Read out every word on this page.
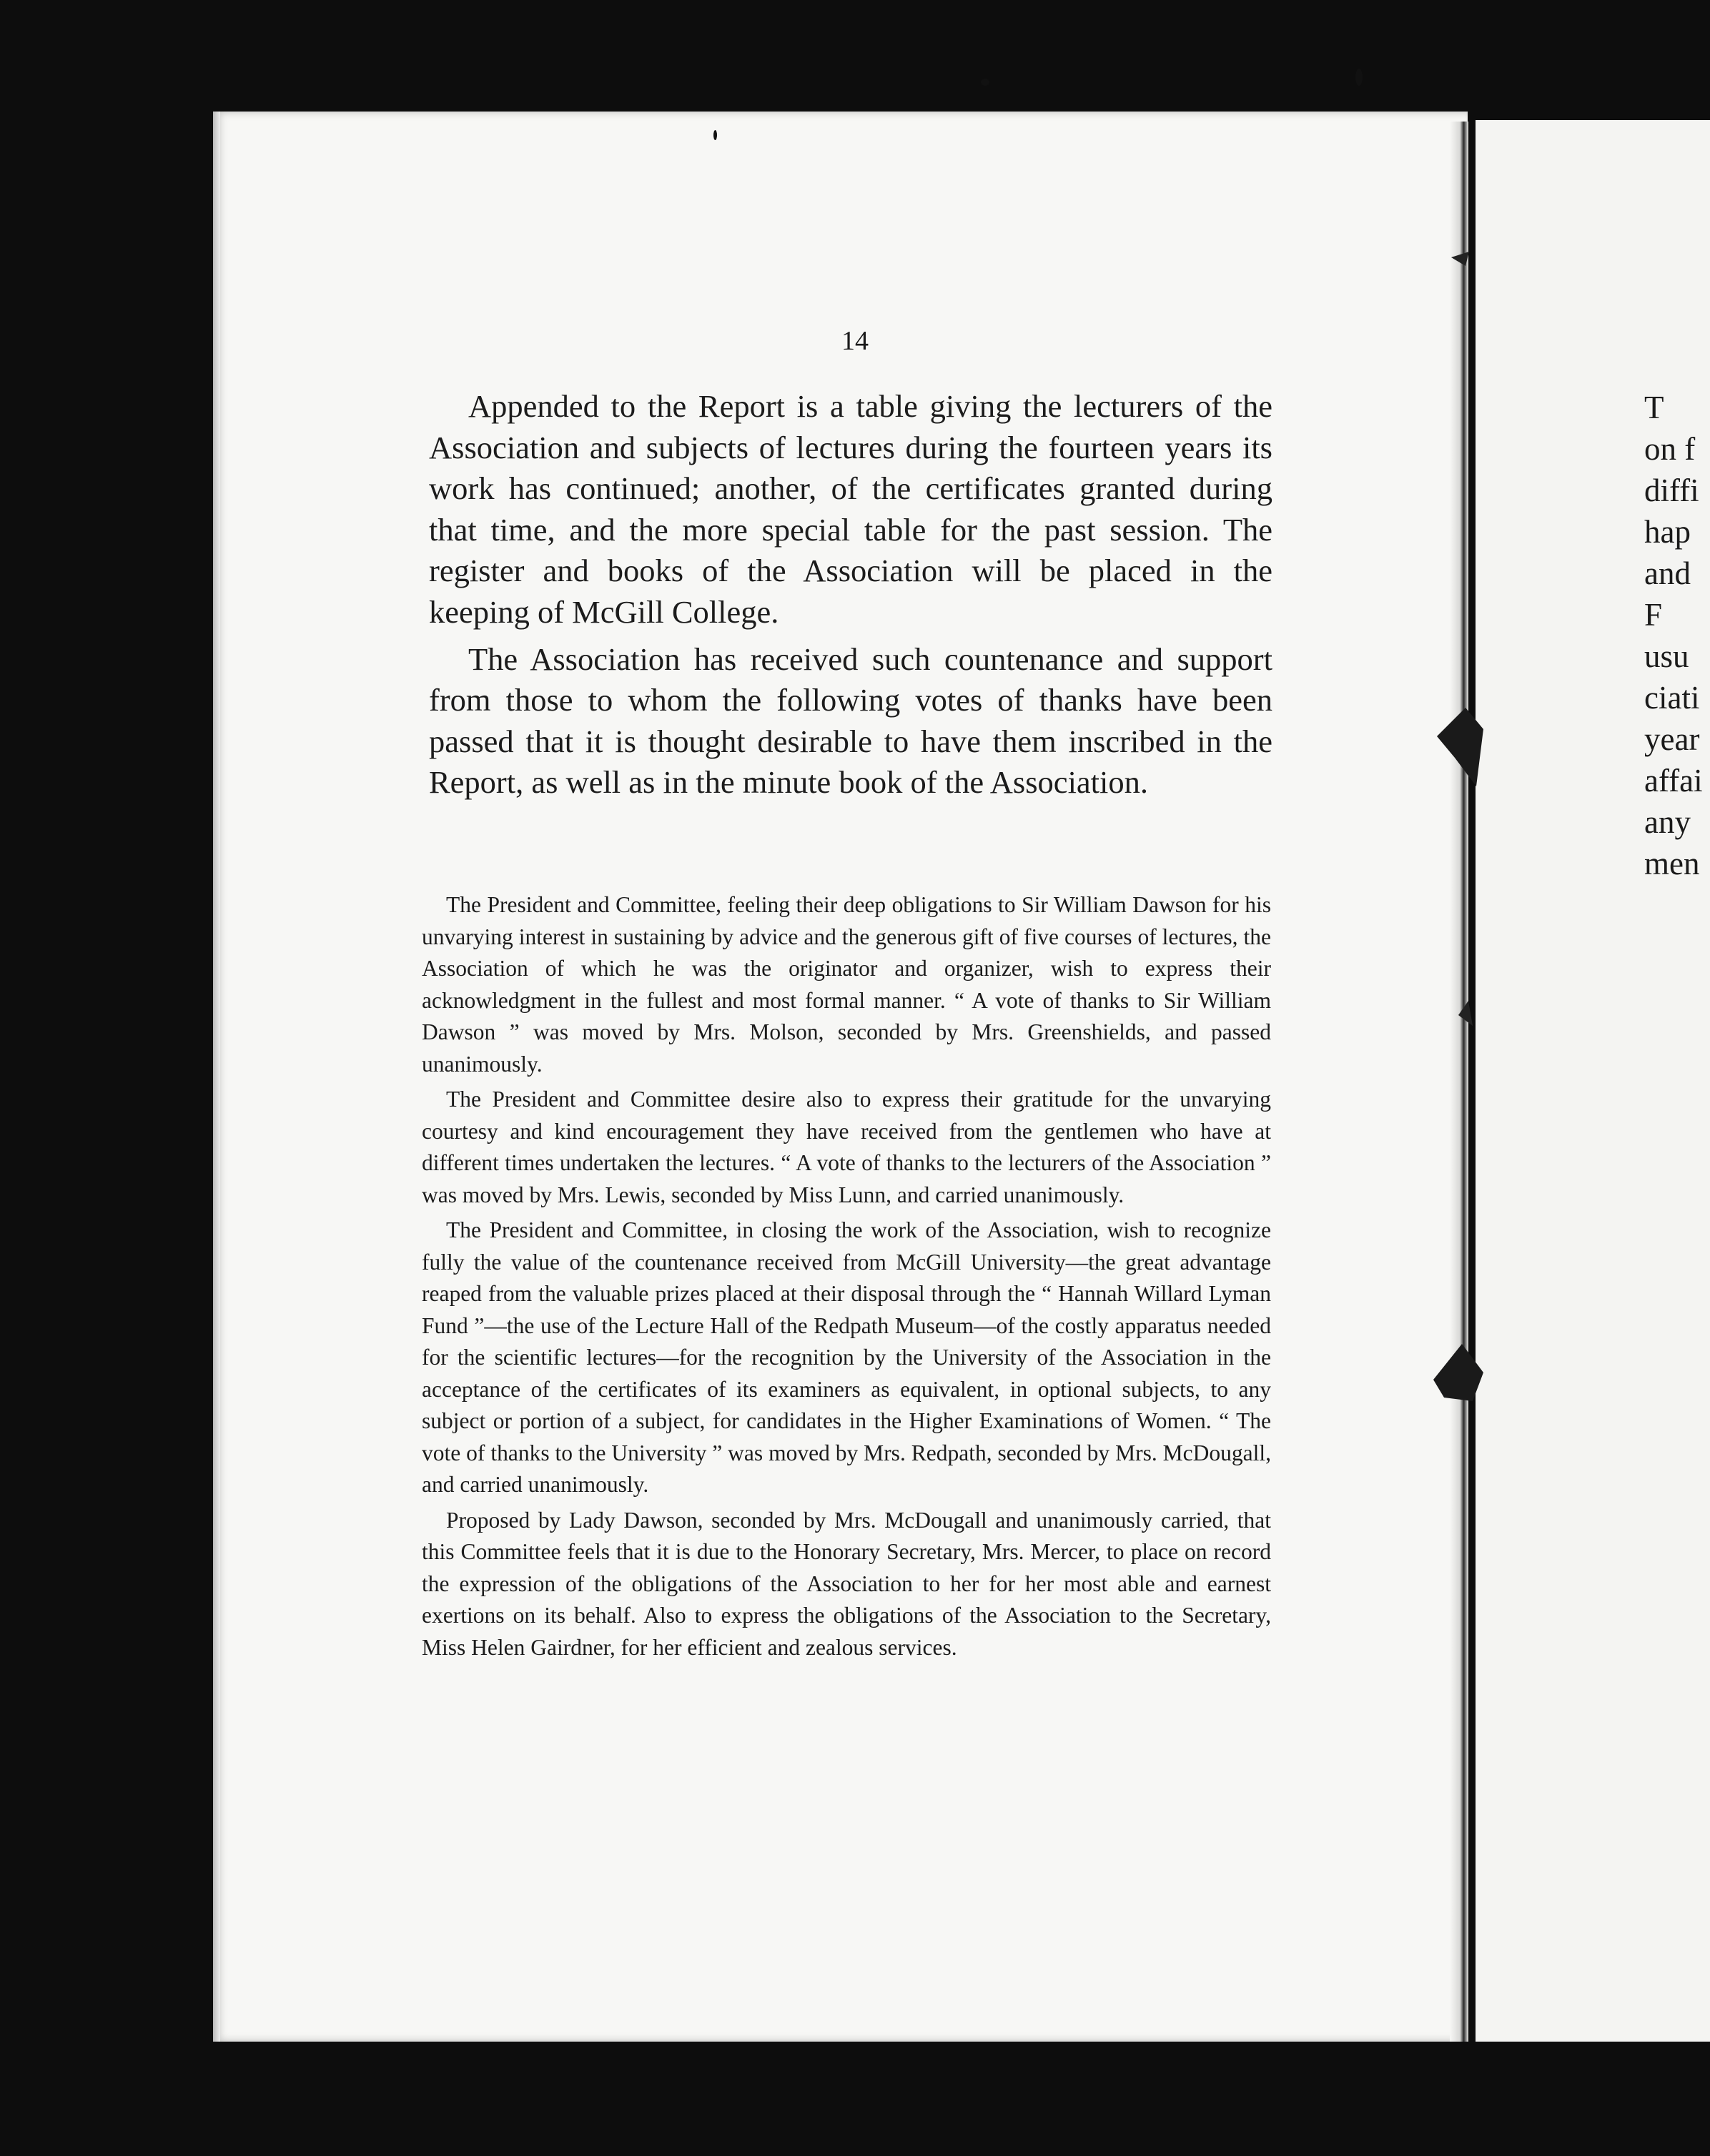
T
on f
diffi
hap
and
F
usu
ciati
year
affai
any
men
14

Appended to the Report is a table giving the lecturers of the Association and subjects of lectures during the fourteen years its work has continued; another, of the certificates granted during that time, and the more special table for the past session. The register and books of the Association will be placed in the keeping of McGill College.

The Association has received such countenance and support from those to whom the following votes of thanks have been passed that it is thought desirable to have them inscribed in the Report, as well as in the minute book of the Association.

The President and Committee, feeling their deep obligations to Sir William Dawson for his unvarying interest in sustaining by advice and the generous gift of five courses of lectures, the Association of which he was the originator and organizer, wish to express their acknowledgment in the fullest and most formal manner. “ A vote of thanks to Sir William Dawson ” was moved by Mrs. Molson, seconded by Mrs. Greenshields, and passed unanimously.

The President and Committee desire also to express their gratitude for the unvarying courtesy and kind encouragement they have received from the gentlemen who have at different times undertaken the lectures. “ A vote of thanks to the lecturers of the Association ” was moved by Mrs. Lewis, seconded by Miss Lunn, and carried unanimously.

The President and Committee, in closing the work of the Association, wish to recognize fully the value of the countenance received from McGill University—the great advantage reaped from the valuable prizes placed at their disposal through the “ Hannah Willard Lyman Fund ”—the use of the Lecture Hall of the Redpath Museum—of the costly apparatus needed for the scientific lectures—for the recognition by the University of the Association in the acceptance of the certificates of its examiners as equivalent, in optional subjects, to any subject or portion of a subject, for candidates in the Higher Examinations of Women. “ The vote of thanks to the University ” was moved by Mrs. Redpath, seconded by Mrs. McDougall, and carried unanimously.

Proposed by Lady Dawson, seconded by Mrs. McDougall and unanimously carried, that this Committee feels that it is due to the Honorary Secretary, Mrs. Mercer, to place on record the expression of the obligations of the Association to her for her most able and earnest exertions on its behalf. Also to express the obligations of the Association to the Secretary, Miss Helen Gairdner, for her efficient and zealous services.
